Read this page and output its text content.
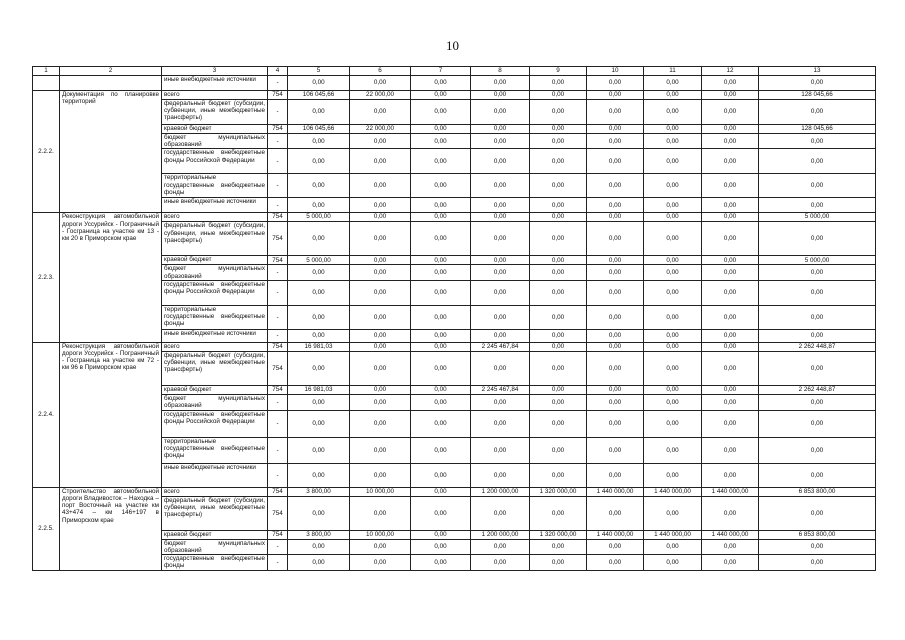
10
1	2	3	4	5	6	7	8	9	10	11	12	13
		иные внебюджетные источники	-	0,00	0,00	0,00	0,00	0,00	0,00	0,00	0,00	0,00
2.2.2.	Документация по планировке территорий	всего	754	106 045,66	22 000,00	0,00	0,00	0,00	0,00	0,00	0,00	128 045,66
		федеральный бюджет (субсидии, субвенции, иные межбюджетные трансферты)	-	0,00	0,00	0,00	0,00	0,00	0,00	0,00	0,00	0,00
		краевой бюджет	754	106 045,66	22 000,00	0,00	0,00	0,00	0,00	0,00	0,00	128 045,66
		бюджет муниципальных образований	-	0,00	0,00	0,00	0,00	0,00	0,00	0,00	0,00	0,00
		государственные внебюджетные фонды Российской Федерации	-	0,00	0,00	0,00	0,00	0,00	0,00	0,00	0,00	0,00
		территориальные государственные внебюджетные фонды	-	0,00	0,00	0,00	0,00	0,00	0,00	0,00	0,00	0,00
		иные внебюджетные источники	-	0,00	0,00	0,00	0,00	0,00	0,00	0,00	0,00	0,00
2.2.3.	Реконструкция автомобильной дороги Уссурийск - Пограничный - Госграница на участке км 13 - км 20 в Приморском крае	всего	754	5 000,00	0,00	0,00	0,00	0,00	0,00	0,00	0,00	5 000,00
		федеральный бюджет (субсидии, субвенции, иные межбюджетные трансферты)	754	0,00	0,00	0,00	0,00	0,00	0,00	0,00	0,00	0,00
		краевой бюджет	754	5 000,00	0,00	0,00	0,00	0,00	0,00	0,00	0,00	5 000,00
		бюджет муниципальных образований	-	0,00	0,00	0,00	0,00	0,00	0,00	0,00	0,00	0,00
		государственные внебюджетные фонды Российской Федерации	-	0,00	0,00	0,00	0,00	0,00	0,00	0,00	0,00	0,00
		территориальные государственные внебюджетные фонды	-	0,00	0,00	0,00	0,00	0,00	0,00	0,00	0,00	0,00
		иные внебюджетные источники	-	0,00	0,00	0,00	0,00	0,00	0,00	0,00	0,00	0,00
2.2.4.	Реконструкция автомобильной дороги Уссурийск - Пограничный - Госграница на участке км 72 - км 96 в Приморском крае	всего	754	16 981,03	0,00	0,00	2 245 467,84	0,00	0,00	0,00	0,00	2 262 448,87
		федеральный бюджет (субсидии, субвенции, иные межбюджетные трансферты)	754	0,00	0,00	0,00	0,00	0,00	0,00	0,00	0,00	0,00
		краевой бюджет	754	16 981,03	0,00	0,00	2 245 467,84	0,00	0,00	0,00	0,00	2 262 448,87
		бюджет муниципальных образований	-	0,00	0,00	0,00	0,00	0,00	0,00	0,00	0,00	0,00
		государственные внебюджетные фонды Российской Федерации	-	0,00	0,00	0,00	0,00	0,00	0,00	0,00	0,00	0,00
		территориальные государственные внебюджетные фонды	-	0,00	0,00	0,00	0,00	0,00	0,00	0,00	0,00	0,00
		иные внебюджетные источники	-	0,00	0,00	0,00	0,00	0,00	0,00	0,00	0,00	0,00
2.2.5.	Строительство автомобильной дороги Владивосток – Находка – порт Восточный на участке км 43+474 – км 146+197 в Приморском крае	всего	754	3 800,00	10 000,00	0,00	1 200 000,00	1 320 000,00	1 440 000,00	1 440 000,00	1 440 000,00	6 853 800,00
		федеральный бюджет (субсидии, субвенции, иные межбюджетные трансферты)	754	0,00	0,00	0,00	0,00	0,00	0,00	0,00	0,00	0,00
		краевой бюджет	754	3 800,00	10 000,00	0,00	1 200 000,00	1 320 000,00	1 440 000,00	1 440 000,00	1 440 000,00	6 853 800,00
		бюджет муниципальных образований	-	0,00	0,00	0,00	0,00	0,00	0,00	0,00	0,00	0,00
		государственные внебюджетные фонды	-	0,00	0,00	0,00	0,00	0,00	0,00	0,00	0,00	0,00
